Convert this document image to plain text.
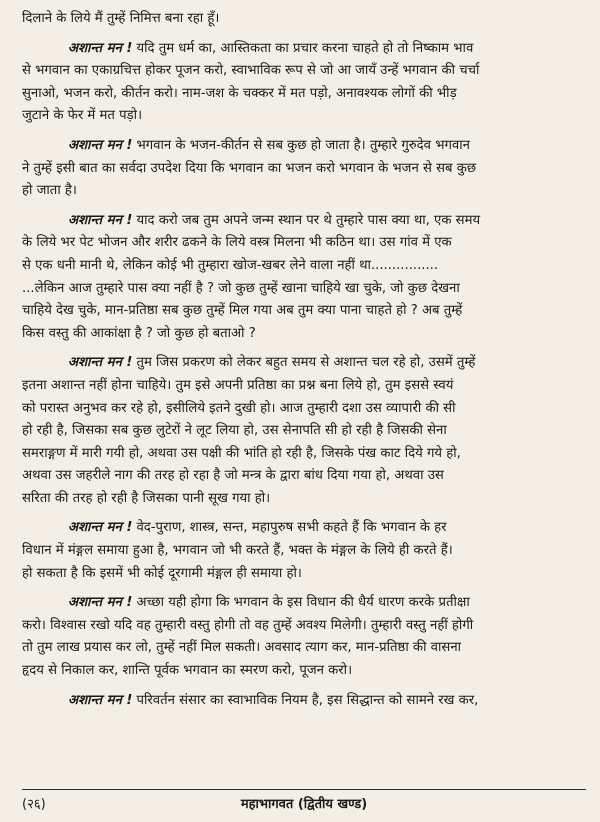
दिलाने के लिये मैं तुम्हें निमित्त बना रहा हूँ।
अशान्त मन ! यदि तुम धर्म का, आस्तिकता का प्रचार करना चाहते हो तो निष्काम भाव
से भगवान का एकाग्रचित्त होकर पूजन करो, स्वाभाविक रूप से जो आ जायँ उन्हें भगवान की चर्चा
सुनाओ, भजन करो, कीर्तन करो। नाम-जश के चक्कर में मत पड़ो, अनावश्यक लोगों की भीड़
जुटाने के फेर में मत पड़ो।
अशान्त मन ! भगवान के भजन-कीर्तन से सब कुछ हो जाता है। तुम्हारे गुरुदेव भगवान
ने तुम्हें इसी बात का सर्वदा उपदेश दिया कि भगवान का भजन करो भगवान के भजन से सब कुछ
हो जाता है।
अशान्त मन ! याद करो जब तुम अपने जन्म स्थान पर थे तुम्हारे पास क्या था, एक समय
के लिये भर पेट भोजन और शरीर ढकने के लिये वस्त्र मिलना भी कठिन था। उस गांव में एक
से एक धनी मानी थे, लेकिन कोई भी तुम्हारा खोज-खबर लेने वाला नहीं था................
...लेकिन आज तुम्हारे पास क्या नहीं है ? जो कुछ तुम्हें खाना चाहिये खा चुके, जो कुछ देखना
चाहिये देख चुके, मान-प्रतिष्ठा सब कुछ तुम्हें मिल गया अब तुम क्या पाना चाहते हो ? अब तुम्हें
किस वस्तु की आकांक्षा है ? जो कुछ हो बताओ ?
अशान्त मन ! तुम जिस प्रकरण को लेकर बहुत समय से अशान्त चल रहे हो, उसमें तुम्हें
इतना अशान्त नहीं होना चाहिये। तुम इसे अपनी प्रतिष्ठा का प्रश्न बना लिये हो, तुम इससे स्वयं
को परास्त अनुभव कर रहे हो, इसीलिये इतने दुखी हो। आज तुम्हारी दशा उस व्यापारी की सी
हो रही है, जिसका सब कुछ लुटेरों ने लूट लिया हो, उस सेनापति सी हो रही है जिसकी सेना
समराङ्गण में मारी गयी हो, अथवा उस पक्षी की भांति हो रही है, जिसके पंख काट दिये गये हो,
अथवा उस जहरीले नाग की तरह हो रहा है जो मन्त्र के द्वारा बांध दिया गया हो, अथवा उस
सरिता की तरह हो रही है जिसका पानी सूख गया हो।
अशान्त मन ! वेद-पुराण, शास्त्र, सन्त, महापुरुष सभी कहते हैं कि भगवान के हर
विधान में मंङ्गल समाया हुआ है, भगवान जो भी करते हैं, भक्त के मंङ्गल के लिये ही करते हैं।
हो सकता है कि इसमें भी कोई दूरगामी मंङ्गल ही समाया हो।
अशान्त मन ! अच्छा यही होगा कि भगवान के इस विधान की धैर्य धारण करके प्रतीक्षा
करो। विश्वास रखो यदि वह तुम्हारी वस्तु होगी तो वह तुम्हें अवश्य मिलेगी। तुम्हारी वस्तु नहीं होगी
तो तुम लाख प्रयास कर लो, तुम्हें नहीं मिल सकती। अवसाद त्याग कर, मान-प्रतिष्ठा की वासना
हृदय से निकाल कर, शान्ति पूर्वक भगवान का स्मरण करो, पूजन करो।
अशान्त मन ! परिवर्तन संसार का स्वाभाविक नियम है, इस सिद्धान्त को सामने रख कर,
(२६)	महाभागवत (द्वितीय खण्ड)
